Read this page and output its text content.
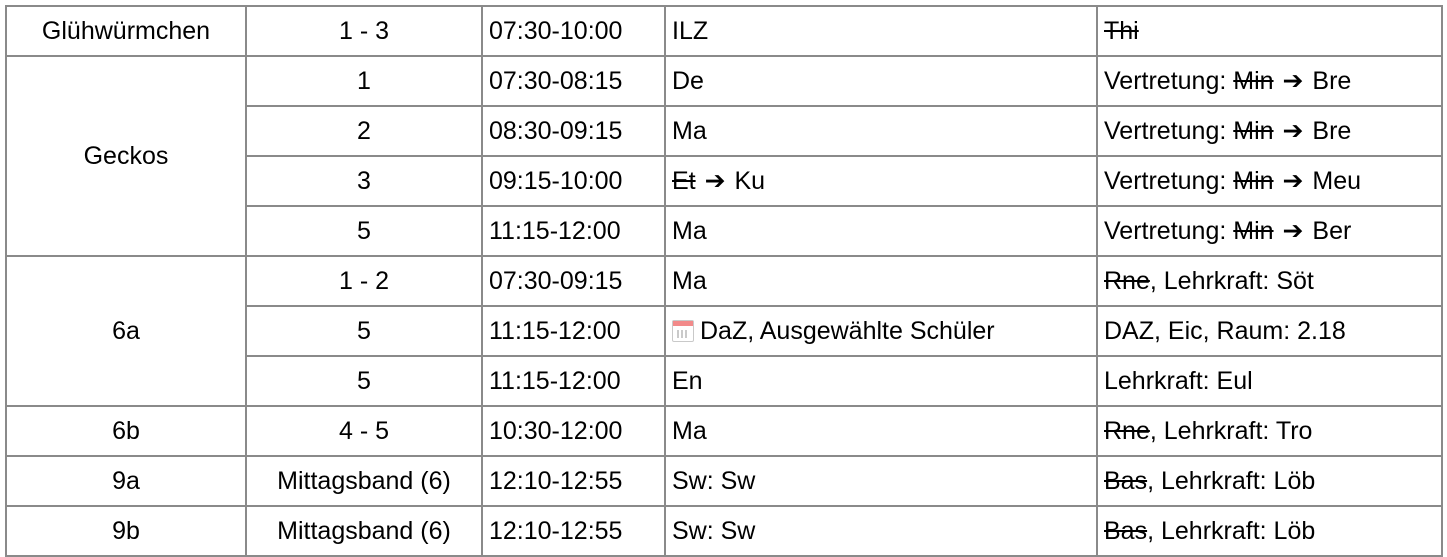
Glühwürmchen	1 - 3	07:30-10:00	ILZ	Thi
Geckos	1	07:30-08:15	De	Vertretung: Min ➔ Bre
	2	08:30-09:15	Ma	Vertretung: Min ➔ Bre
	3	09:15-10:00	Et ➔ Ku	Vertretung: Min ➔ Meu
	5	11:15-12:00	Ma	Vertretung: Min ➔ Ber
6a	1 - 2	07:30-09:15	Ma	Rne, Lehrkraft: Söt
	5	11:15-12:00	DaZ, Ausgewählte Schüler	DAZ, Eic, Raum: 2.18
	5	11:15-12:00	En	Lehrkraft: Eul
6b	4 - 5	10:30-12:00	Ma	Rne, Lehrkraft: Tro
9a	Mittagsband (6)	12:10-12:55	Sw: Sw	Bas, Lehrkraft: Löb
9b	Mittagsband (6)	12:10-12:55	Sw: Sw	Bas, Lehrkraft: Löb
